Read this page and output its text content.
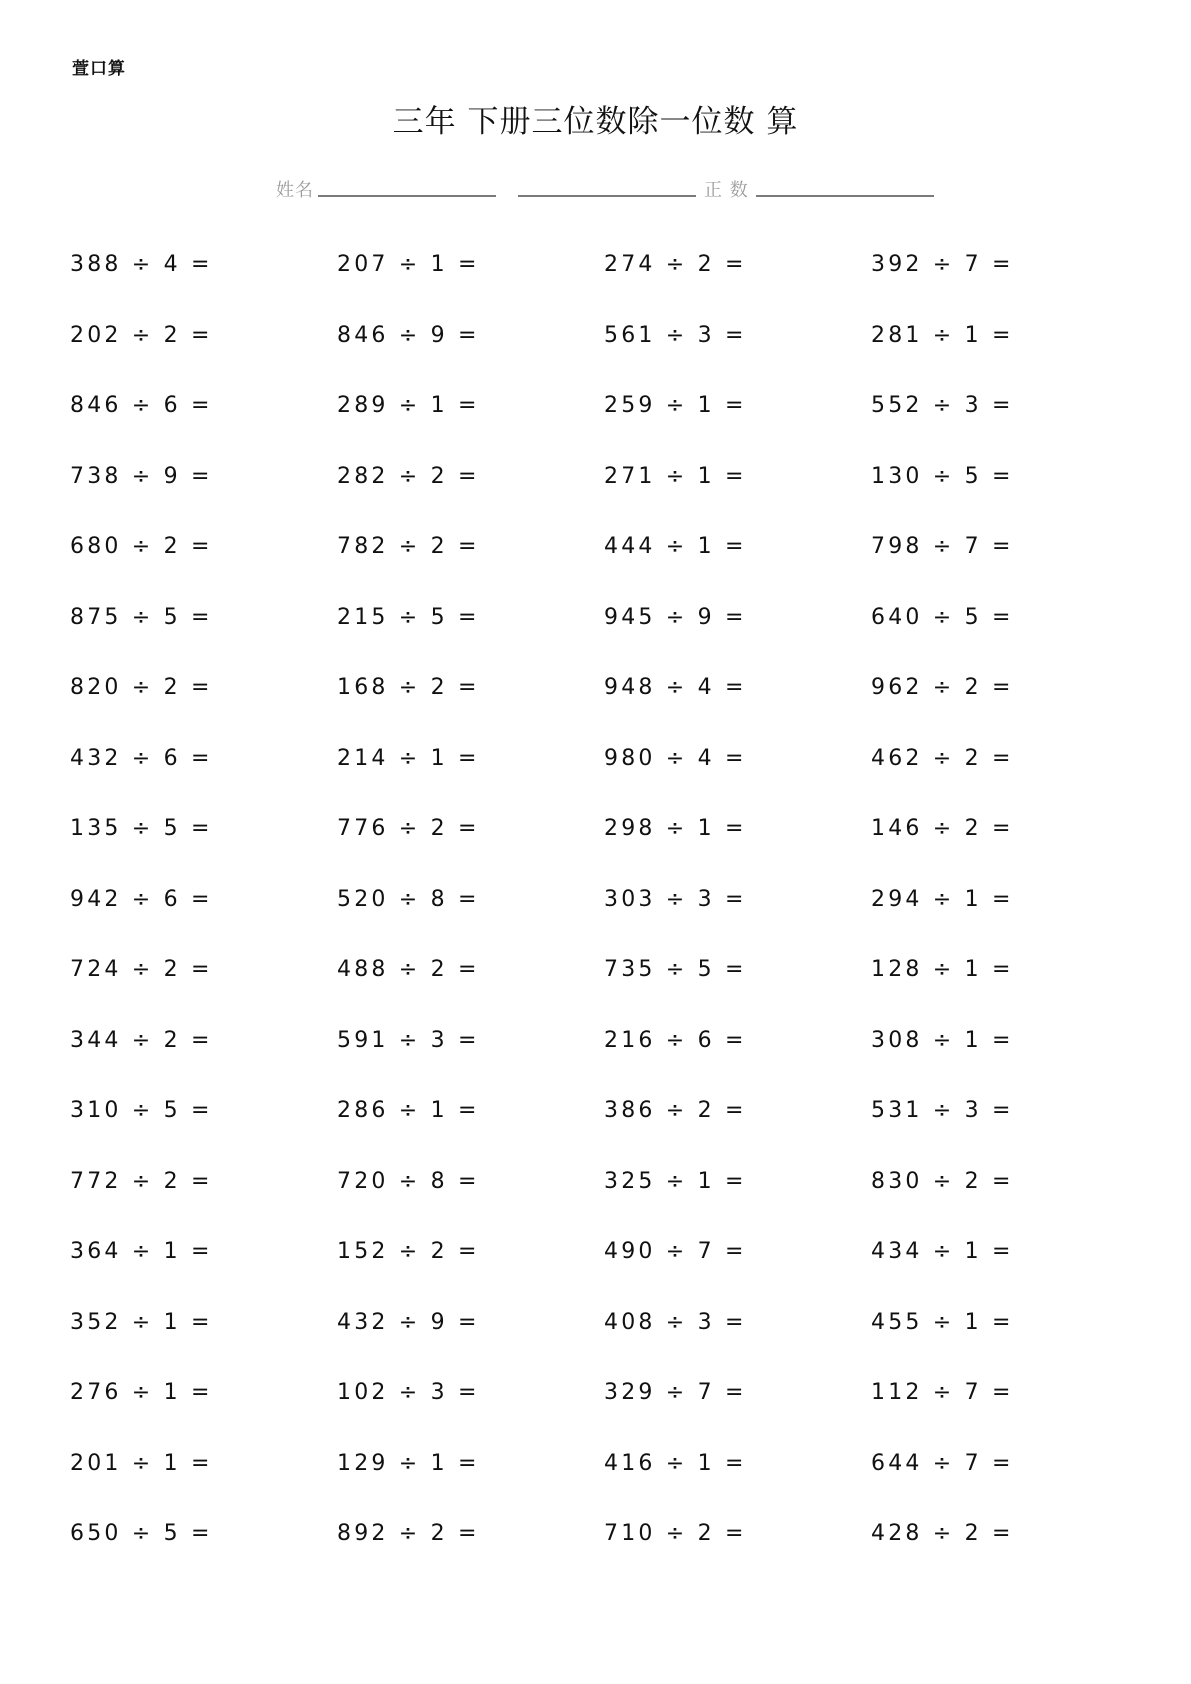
萱口算
三年 下册三位数除一位数 算
姓名	正 数
388 ÷ 4 =	207 ÷ 1 =	274 ÷ 2 =	392 ÷ 7 =
202 ÷ 2 =	846 ÷ 9 =	561 ÷ 3 =	281 ÷ 1 =
846 ÷ 6 =	289 ÷ 1 =	259 ÷ 1 =	552 ÷ 3 =
738 ÷ 9 =	282 ÷ 2 =	271 ÷ 1 =	130 ÷ 5 =
680 ÷ 2 =	782 ÷ 2 =	444 ÷ 1 =	798 ÷ 7 =
875 ÷ 5 =	215 ÷ 5 =	945 ÷ 9 =	640 ÷ 5 =
820 ÷ 2 =	168 ÷ 2 =	948 ÷ 4 =	962 ÷ 2 =
432 ÷ 6 =	214 ÷ 1 =	980 ÷ 4 =	462 ÷ 2 =
135 ÷ 5 =	776 ÷ 2 =	298 ÷ 1 =	146 ÷ 2 =
942 ÷ 6 =	520 ÷ 8 =	303 ÷ 3 =	294 ÷ 1 =
724 ÷ 2 =	488 ÷ 2 =	735 ÷ 5 =	128 ÷ 1 =
344 ÷ 2 =	591 ÷ 3 =	216 ÷ 6 =	308 ÷ 1 =
310 ÷ 5 =	286 ÷ 1 =	386 ÷ 2 =	531 ÷ 3 =
772 ÷ 2 =	720 ÷ 8 =	325 ÷ 1 =	830 ÷ 2 =
364 ÷ 1 =	152 ÷ 2 =	490 ÷ 7 =	434 ÷ 1 =
352 ÷ 1 =	432 ÷ 9 =	408 ÷ 3 =	455 ÷ 1 =
276 ÷ 1 =	102 ÷ 3 =	329 ÷ 7 =	112 ÷ 7 =
201 ÷ 1 =	129 ÷ 1 =	416 ÷ 1 =	644 ÷ 7 =
650 ÷ 5 =	892 ÷ 2 =	710 ÷ 2 =	428 ÷ 2 =
